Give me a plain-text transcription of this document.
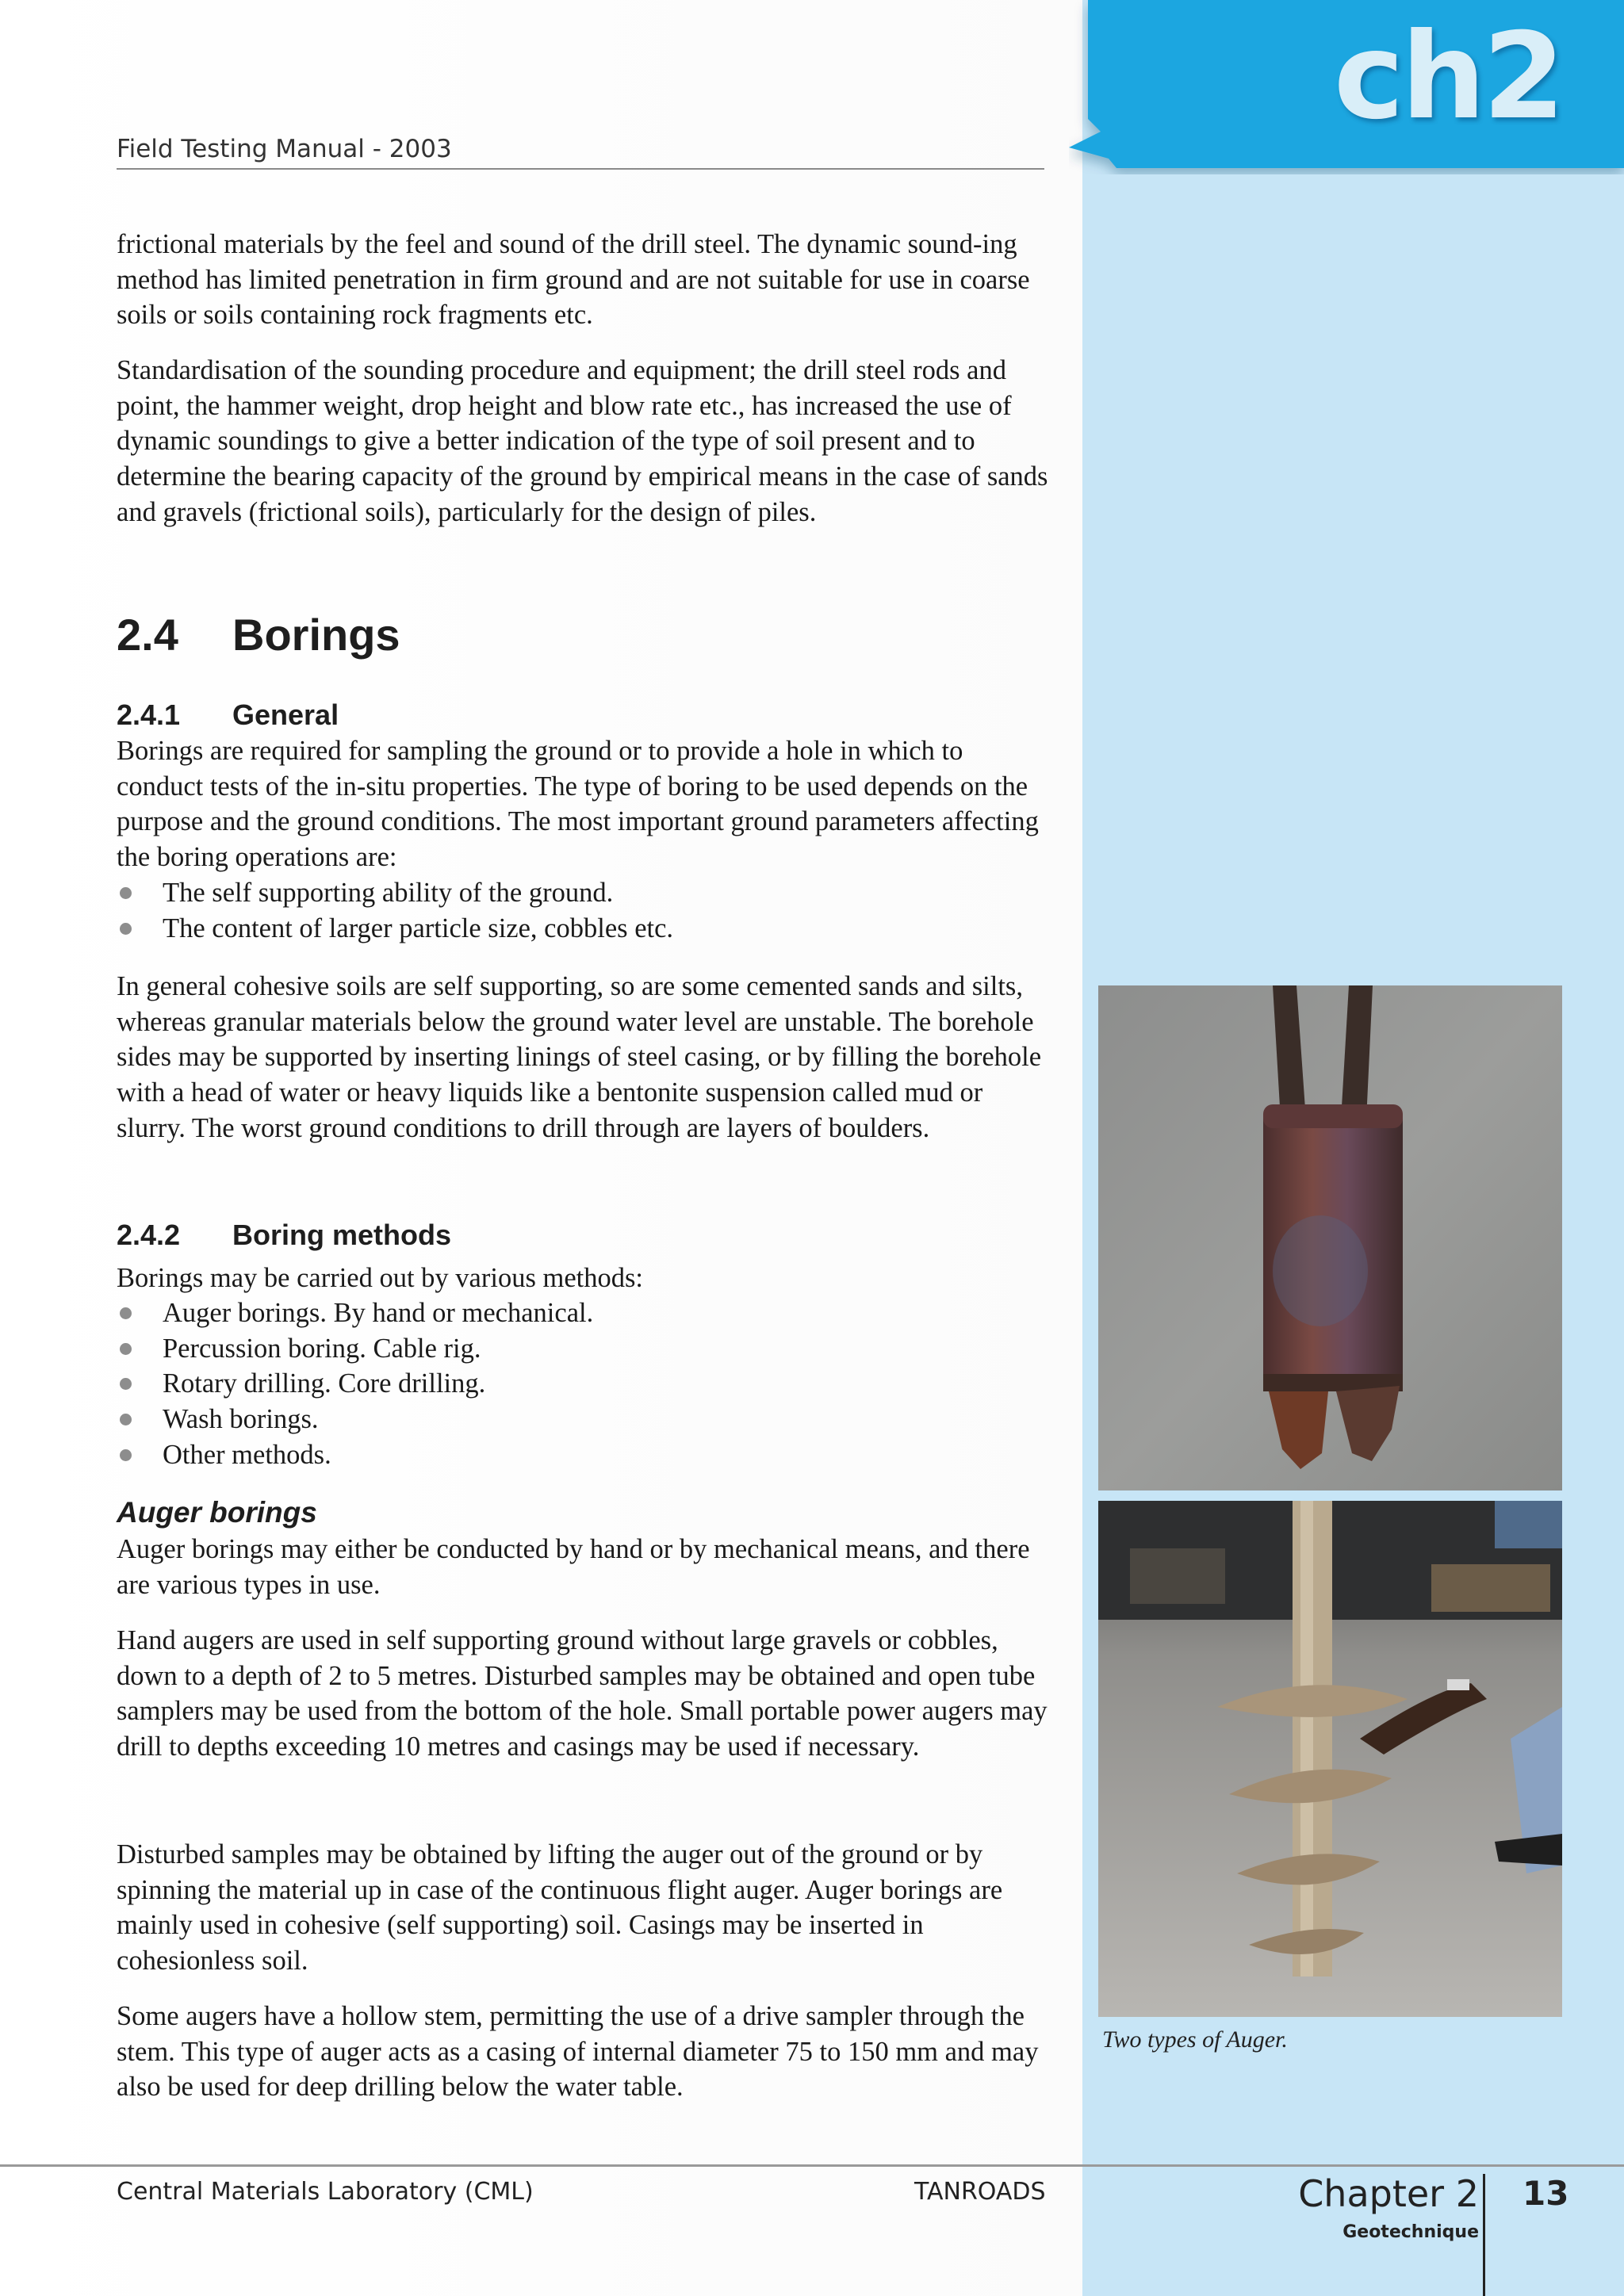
ch2
Field Testing Manual - 2003

frictional materials by the feel and sound of the drill steel. The dynamic sound-ing method has limited penetration in firm ground and are not suitable for use in coarse soils or soils containing rock fragments etc.

Standardisation of the sounding procedure and equipment; the drill steel rods and point, the hammer weight, drop height and blow rate etc., has increased the use of dynamic soundings to give a better indication of the type of soil present and to determine the bearing capacity of the ground by empirical means in the case of sands and gravels (frictional soils), particularly for the design of piles.

2.4 Borings
2.4.1 General

Borings are required for sampling the ground or to provide a hole in which to conduct tests of the in-situ properties. The type of boring to be used depends on the purpose and the ground conditions. The most important ground parameters affecting the boring operations are:

The self supporting ability of the ground.
The content of larger particle size, cobbles etc.

In general cohesive soils are self supporting, so are some cemented sands and silts, whereas granular materials below the ground water level are unstable. The borehole sides may be supported by inserting linings of steel casing, or by filling the borehole with a head of water or heavy liquids like a bentonite suspension called mud or slurry. The worst ground conditions to drill through are layers of boulders.

2.4.2 Boring methods

Borings may be carried out by various methods:

Auger borings. By hand or mechanical.
Percussion boring. Cable rig.
Rotary drilling. Core drilling.
Wash borings.
Other methods.
Auger borings

Auger borings may either be conducted by hand or by mechanical means, and there are various types in use.

Hand augers are used in self supporting ground without large gravels or cobbles, down to a depth of 2 to 5 metres. Disturbed samples may be obtained and open tube samplers may be used from the bottom of the hole. Small portable power augers may drill to depths exceeding 10 metres and casings may be used if necessary.

Disturbed samples may be obtained by lifting the auger out of the ground or by spinning the material up in case of the continuous flight auger. Auger borings are mainly used in cohesive (self supporting) soil. Casings may be inserted in cohesionless soil.

Some augers have a hollow stem, permitting the use of a drive sampler through the stem. This type of auger acts as a casing of internal diameter 75 to 150 mm and may also be used for deep drilling below the water table.

Two types of Auger.
Central Materials Laboratory (CML)	TANROADS	Chapter 2
Geotechnique
13
